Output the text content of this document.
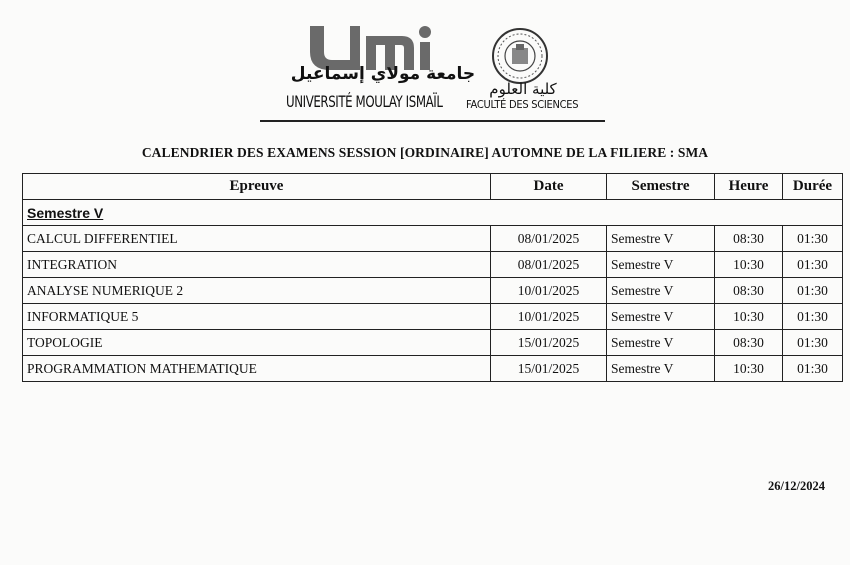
جامعة مولاي إسماعيل
كلية العلوم
UNIVERSITÉ MOULAY ISMAÏL FACULTÉ DES SCIENCES
CALENDRIER DES EXAMENS SESSION [ORDINAIRE] AUTOMNE DE LA FILIERE : SMA
Epreuve	Date	Semestre	Heure	Durée
Semestre V				
CALCUL DIFFERENTIEL	08/01/2025	Semestre V	08:30	01:30
INTEGRATION	08/01/2025	Semestre V	10:30	01:30
ANALYSE NUMERIQUE 2	10/01/2025	Semestre V	08:30	01:30
INFORMATIQUE 5	10/01/2025	Semestre V	10:30	01:30
TOPOLOGIE	15/01/2025	Semestre V	08:30	01:30
PROGRAMMATION MATHEMATIQUE	15/01/2025	Semestre V	10:30	01:30
26/12/2024
